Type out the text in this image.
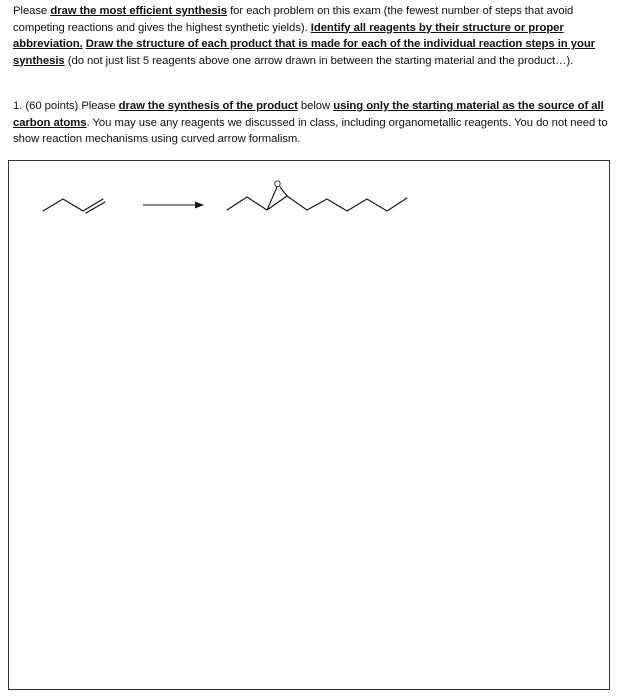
Please draw the most efficient synthesis for each problem on this exam (the fewest number of steps that avoid competing reactions and gives the highest synthetic yields). Identify all reagents by their structure or proper abbreviation. Draw the structure of each product that is made for each of the individual reaction steps in your synthesis (do not just list 5 reagents above one arrow drawn in between the starting material and the product…).
1. (60 points) Please draw the synthesis of the product below using only the starting material as the source of all carbon atoms. You may use any reagents we discussed in class, including organometallic reagents. You do not need to show reaction mechanisms using curved arrow formalism.
O
